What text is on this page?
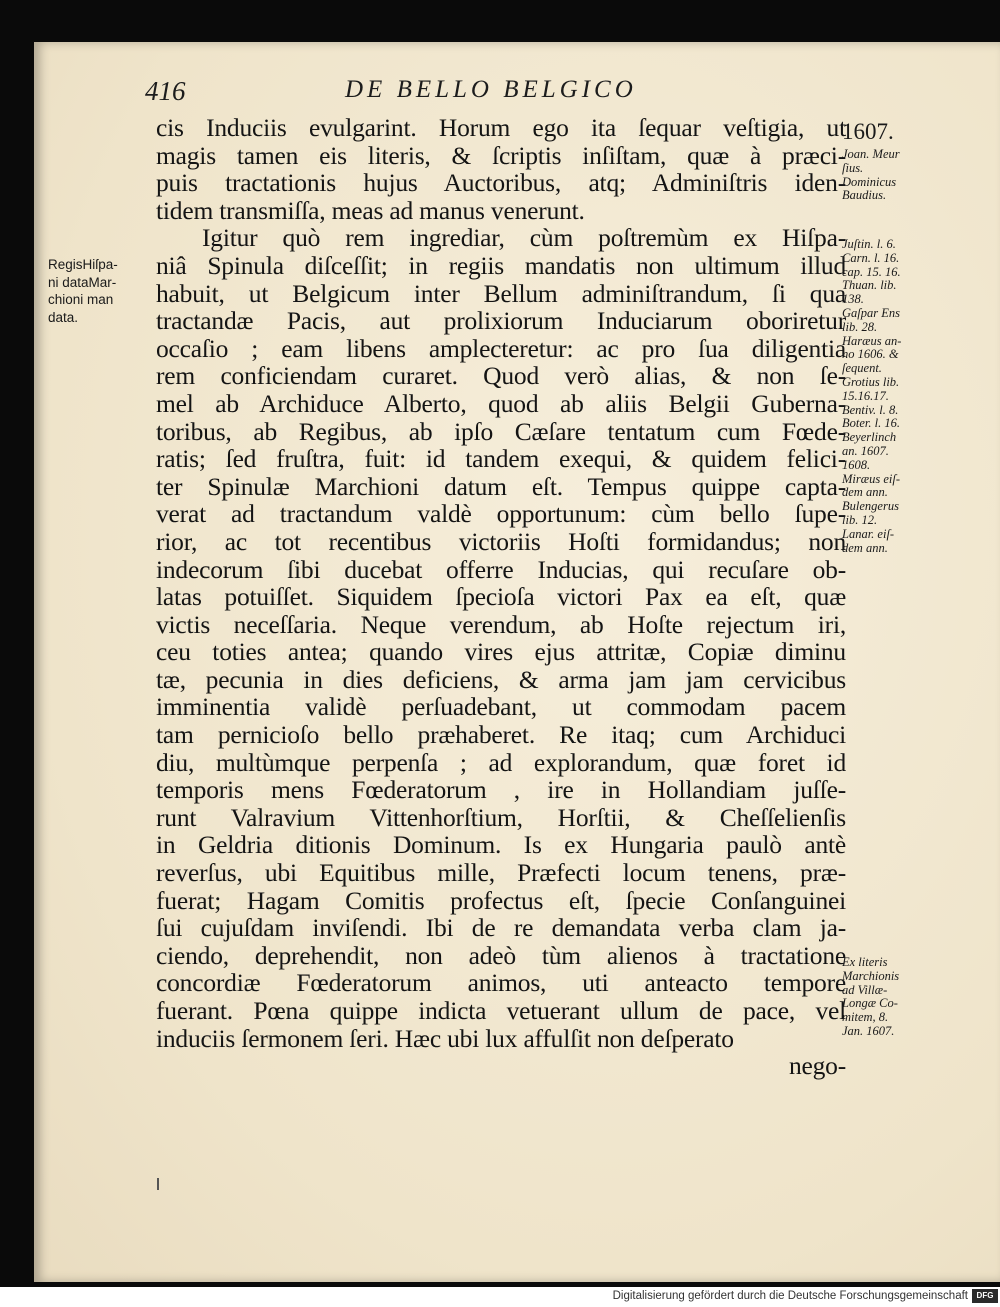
416	DE BELLO BELGICO
cis Induciis evulgarint. Horum ego ita ſequar veſtigia, ut
magis tamen eis literis, & ſcriptis inſiſtam, quæ à præci-
puis tractationis hujus Auctoribus, atq; Adminiſtris iden-
tidem transmiſſa, meas ad manus venerunt.
Igitur quò rem ingrediar, cùm poſtremùm ex Hiſpa-
niâ Spinula diſceſſit; in regiis mandatis non ultimum illud
habuit, ut Belgicum inter Bellum adminiſtrandum, ſi qua
tractandæ Pacis, aut prolixiorum Induciarum oboriretur
occaſio ; eam libens amplecteretur: ac pro ſua diligentia
rem conficiendam curaret. Quod verò alias, & non ſe-
mel ab Archiduce Alberto, quod ab aliis Belgii Guberna-
toribus, ab Regibus, ab ipſo Cæſare tentatum cum Fœde-
ratis; ſed fruſtra, fuit: id tandem exequi, & quidem felici-
ter Spinulæ Marchioni datum eſt. Tempus quippe capta-
verat ad tractandum valdè opportunum: cùm bello ſupe-
rior, ac tot recentibus victoriis Hoſti formidandus; non
indecorum ſibi ducebat offerre Inducias, qui recuſare ob-
latas potuiſſet. Siquidem ſpecioſa victori Pax ea eſt, quæ
victis neceſſaria. Neque verendum, ab Hoſte rejectum iri,
ceu toties antea; quando vires ejus attritæ, Copiæ diminu
tæ, pecunia in dies deficiens, & arma jam jam cervicibus
imminentia validè perſuadebant, ut commodam pacem
tam pernicioſo bello præhaberet. Re itaq; cum Archiduci
diu, multùmque perpenſa ; ad explorandum, quæ foret id
temporis mens Fœderatorum , ire in Hollandiam juſſe-
runt Valravium Vittenhorſtium, Horſtii, & Cheſſelienſis
in Geldria ditionis Dominum. Is ex Hungaria paulò antè
reverſus, ubi Equitibus mille, Præfecti locum tenens, præ-
fuerat; Hagam Comitis profectus eſt, ſpecie Conſanguinei
ſui cujuſdam inviſendi. Ibi de re demandata verba clam ja-
ciendo, deprehendit, non adeò tùm alienos à tractatione
concordiæ Fœderatorum animos, uti anteacto tempore
fuerant. Pœna quippe indicta vetuerant ullum de pace, vel
induciis ſermonem ſeri. Hæc ubi lux affulſit non deſperato
nego-
RegisHiſpa-
ni dataMar-
chioni man
data.
1607.
Joan. Meur
ſius.
Dominicus
Baudius.
Juſtin. l. 6.
Carn. l. 16.
cap. 15. 16.
Thuan. lib.
138.
Gaſpar Ens
lib. 28.
Haræus an-
no 1606. &
ſequent.
Grotius lib.
15.16.17.
Bentiv. l. 8.
Boter. l. 16.
Beyerlinch
an. 1607.
1608.
Miræus eiſ-
dem ann.
Bulengerus
lib. 12.
Lanar. eiſ-
dem ann.
Ex literis
Marchionis
ad Villæ-
Longæ Co-
mitem, 8.
Jan. 1607.
Digitalisierung gefördert durch die Deutsche Forschungsgemeinschaft	DFG
